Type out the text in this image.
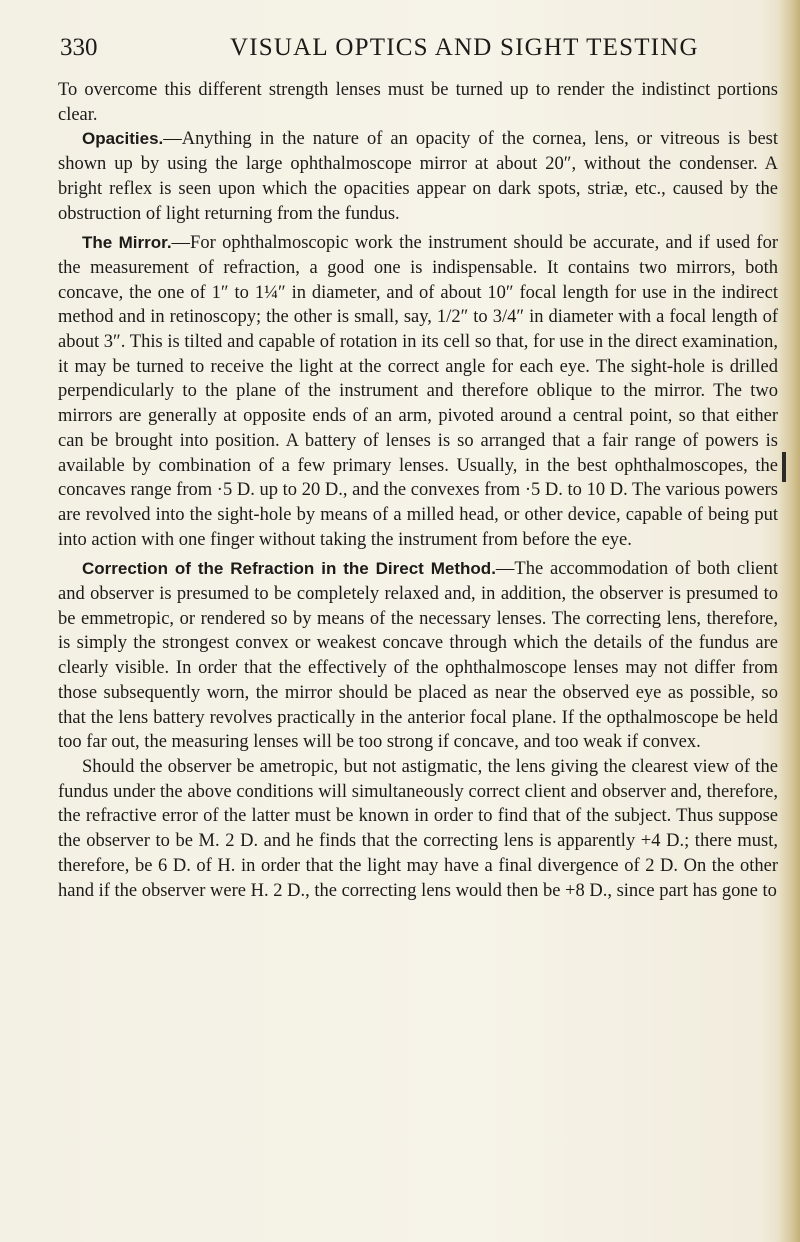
330	VISUAL OPTICS AND SIGHT TESTING

To overcome this different strength lenses must be turned up to render the indistinct portions clear.

Opacities.—Anything in the nature of an opacity of the cornea, lens, or vitreous is best shown up by using the large ophthalmoscope mirror at about 20″, without the condenser. A bright reflex is seen upon which the opacities appear on dark spots, striæ, etc., caused by the obstruction of light returning from the fundus.

The Mirror.—For ophthalmoscopic work the instrument should be accurate, and if used for the measurement of refraction, a good one is indispensable. It contains two mirrors, both concave, the one of 1″ to 1¼″ in diameter, and of about 10″ focal length for use in the indirect method and in retinoscopy; the other is small, say, 1/2″ to 3/4″ in diameter with a focal length of about 3″. This is tilted and capable of rotation in its cell so that, for use in the direct examination, it may be turned to receive the light at the correct angle for each eye. The sight-hole is drilled perpendicularly to the plane of the instrument and therefore oblique to the mirror. The two mirrors are generally at opposite ends of an arm, pivoted around a central point, so that either can be brought into position. A battery of lenses is so arranged that a fair range of powers is available by combination of a few primary lenses. Usually, in the best ophthalmoscopes, the concaves range from ·5 D. up to 20 D., and the convexes from ·5 D. to 10 D. The various powers are revolved into the sight-hole by means of a milled head, or other device, capable of being put into action with one finger without taking the instrument from before the eye.

Correction of the Refraction in the Direct Method.—The accommodation of both client and observer is presumed to be completely relaxed and, in addition, the observer is presumed to be emmetropic, or rendered so by means of the necessary lenses. The correcting lens, therefore, is simply the strongest convex or weakest concave through which the details of the fundus are clearly visible. In order that the effectively of the ophthalmoscope lenses may not differ from those subsequently worn, the mirror should be placed as near the observed eye as possible, so that the lens battery revolves practically in the anterior focal plane. If the opthalmoscope be held too far out, the measuring lenses will be too strong if concave, and too weak if convex.

Should the observer be ametropic, but not astigmatic, the lens giving the clearest view of the fundus under the above conditions will simultaneously correct client and observer and, therefore, the refractive error of the latter must be known in order to find that of the subject. Thus suppose the observer to be M. 2 D. and he finds that the correcting lens is apparently +4 D.; there must, therefore, be 6 D. of H. in order that the light may have a final divergence of 2 D. On the other hand if the observer were H. 2 D., the correcting lens would then be +8 D., since part has gone to
